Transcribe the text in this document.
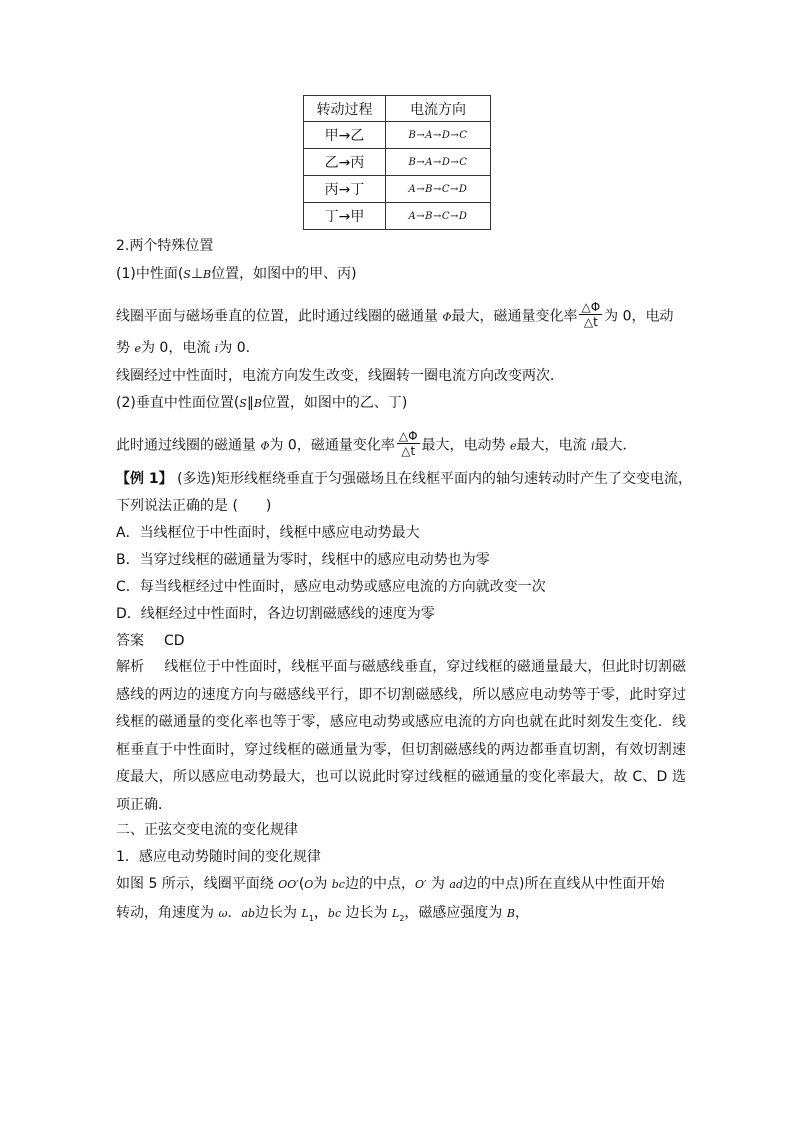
转动过程	电流方向
甲→乙	B→A→D→C
乙→丙	B→A→D→C
丙→丁	A→B→C→D
丁→甲	A→B→C→D
2.两个特殊位置
(1)中性面(S⊥B位置，如图中的甲、丙)
线圈平面与磁场垂直的位置，此时通过线圈的磁通量 Φ最大，磁通量变化率 $\frac{\triangle\Phi}{\triangle t}$ 为 0，电动
势 e为 0，电流 i为 0.
线圈经过中性面时，电流方向发生改变，线圈转一圈电流方向改变两次．
(2)垂直中性面位置(S∥B位置，如图中的乙、丁)
此时通过线圈的磁通量 Φ为 0，磁通量变化率 $\frac{\triangle\Phi}{\triangle t}$ 最大，电动势 e最大，电流 i最大．
【例 1】 (多选)矩形线框绕垂直于匀强磁场且在线框平面内的轴匀速转动时产生了交变电流，
下列说法正确的是 (　　)
A．当线框位于中性面时，线框中感应电动势最大
B．当穿过线框的磁通量为零时，线框中的感应电动势也为零
C．每当线框经过中性面时，感应电动势或感应电流的方向就改变一次
D．线框经过中性面时，各边切割磁感线的速度为零
答案 CD
解析 线框位于中性面时，线框平面与磁感线垂直，穿过线框的磁通量最大，但此时切割磁感线的两边的速度方向与磁感线平行，即不切割磁感线，所以感应电动势等于零，此时穿过线框的磁通量的变化率也等于零，感应电动势或感应电流的方向也就在此时刻发生变化．线框垂直于中性面时，穿过线框的磁通量为零，但切割磁感线的两边都垂直切割，有效切割速度最大，所以感应电动势最大，也可以说此时穿过线框的磁通量的变化率最大，故 C、D 选项正确．
二、正弦交变电流的变化规律
1．感应电动势随时间的变化规律
如图 5 所示，线圈平面绕 OO′(O为 bc边的中点，O′ 为 ad边的中点)所在直线从中性面开始
转动，角速度为 ω．ab边长为 $L_1$，bc 边长为 $L_2$，磁感应强度为 B，
